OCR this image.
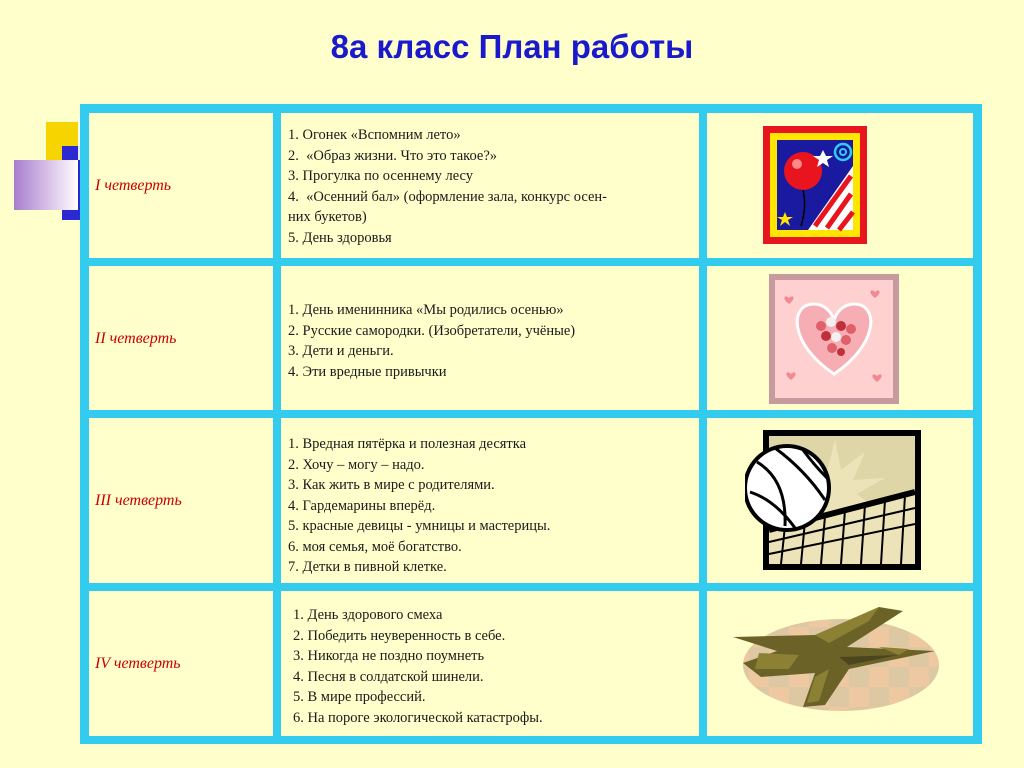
8а класс План работы
I четверть
1. Огонек «Вспомним лето»
2.  «Образ жизни. Что это такое?»
3. Прогулка по осеннему лесу
4.  «Осенний бал» (оформление зала, конкурс осен-
них букетов)
5. День здоровья
II четверть
1. День именинника «Мы родились осенью»
2. Русские самородки. (Изобретатели, учёные)
3. Дети и деньги.
4. Эти вредные привычки
III четверть
1. Вредная пятёрка и полезная десятка
2. Хочу – могу – надо.
3. Как жить в мире с родителями.
4. Гардемарины вперёд.
5. красные девицы - умницы и мастерицы.
6. моя семья, моё богатство.
7. Детки в пивной клетке.
IV четверть
1. День здорового смеха
2. Победить неуверенность в себе.
3. Никогда не поздно поумнеть
4. Песня в солдатской шинели.
5. В мире профессий.
6. На пороге экологической катастрофы.
